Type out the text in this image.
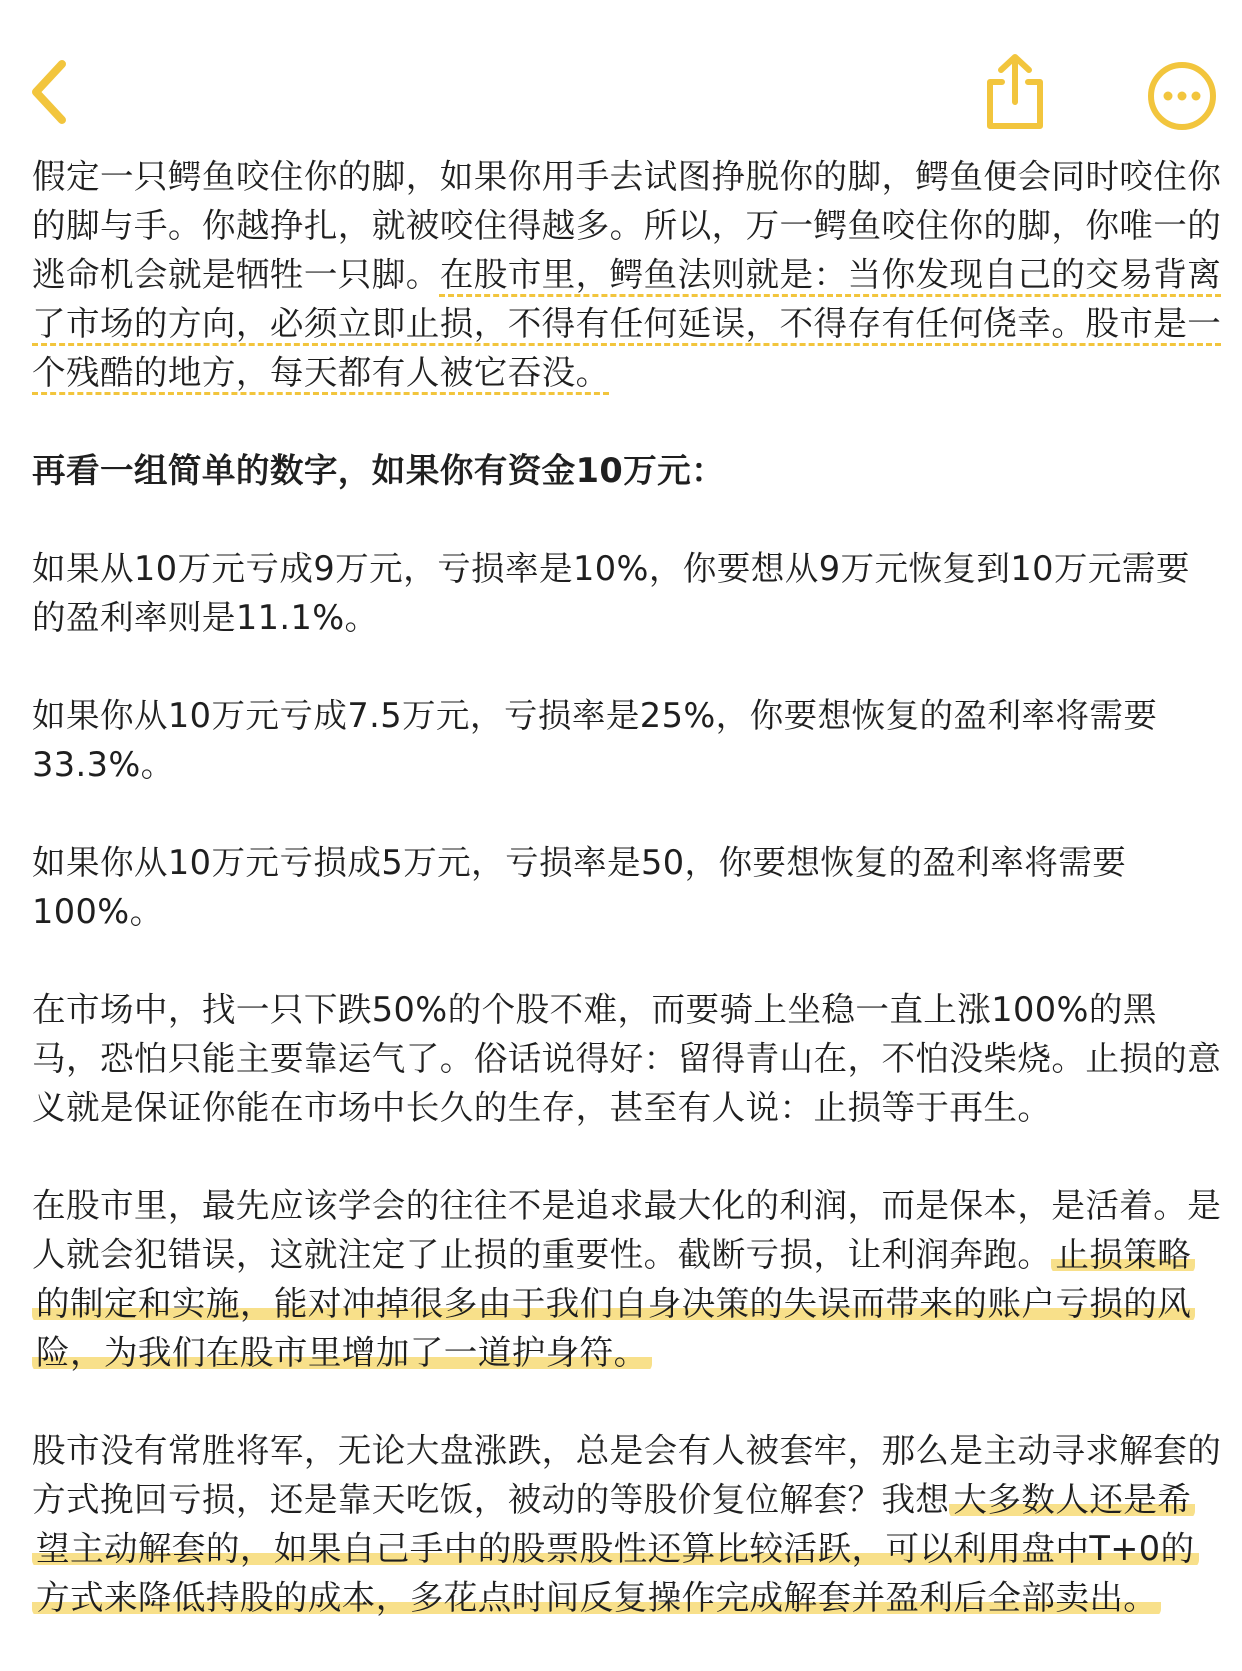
假定一只鳄鱼咬住你的脚，如果你用手去试图挣脱你的脚，鳄鱼便会同时咬住你的脚与手。你越挣扎，就被咬住得越多。所以，万一鳄鱼咬住你的脚，你唯一的逃命机会就是牺牲一只脚。在股市里，鳄鱼法则就是：当你发现自己的交易背离了市场的方向，必须立即止损，不得有任何延误，不得存有任何侥幸。股市是一个残酷的地方，每天都有人被它吞没。

再看一组简单的数字，如果你有资金10万元：

如果从10万元亏成9万元，亏损率是10%，你要想从9万元恢复到10万元需要的盈利率则是11.1%。

如果你从10万元亏成7.5万元，亏损率是25%，你要想恢复的盈利率将需要33.3%。

如果你从10万元亏损成5万元，亏损率是50，你要想恢复的盈利率将需要100%。

在市场中，找一只下跌50%的个股不难，而要骑上坐稳一直上涨100%的黑马，恐怕只能主要靠运气了。俗话说得好：留得青山在，不怕没柴烧。止损的意义就是保证你能在市场中长久的生存，甚至有人说：止损等于再生。

在股市里，最先应该学会的往往不是追求最大化的利润，而是保本，是活着。是人就会犯错误，这就注定了止损的重要性。截断亏损，让利润奔跑。 止损策略的制定和实施，能对冲掉很多由于我们自身决策的失误而带来的账户亏损的风险，为我们在股市里增加了一道护身符。

股市没有常胜将军，无论大盘涨跌，总是会有人被套牢，那么是主动寻求解套的方式挽回亏损，还是靠天吃饭，被动的等股价复位解套？我想 大多数人还是希望主动解套的，如果自己手中的股票股性还算比较活跃，可以利用盘中T+0的方式来降低持股的成本，多花点时间反复操作完成解套并盈利后全部卖出。
